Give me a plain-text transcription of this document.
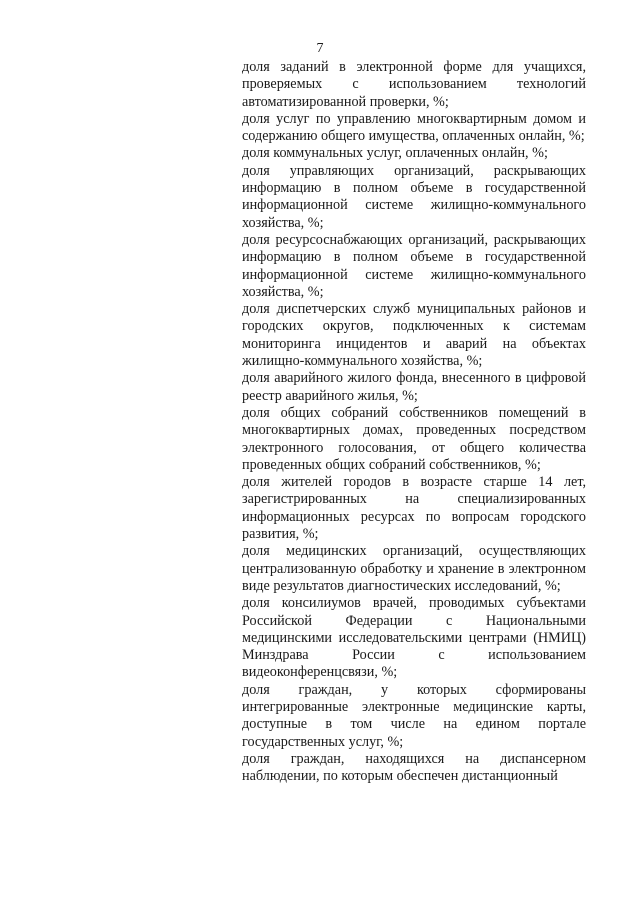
7

доля заданий в электронной форме для учащихся, проверяемых с использованием технологий автоматизированной проверки, %;

доля услуг по управлению многоквартирным домом и содержанию общего имущества, оплаченных онлайн, %;

доля коммунальных услуг, оплаченных онлайн, %;

доля управляющих организаций, раскрывающих информацию в полном объеме в государственной информационной системе жилищно-коммунального хозяйства, %;

доля ресурсоснабжающих организаций, раскрывающих информацию в полном объеме в государственной информационной системе жилищно-коммунального хозяйства, %;

доля диспетчерских служб муниципальных районов и городских округов, подключенных к системам мониторинга инцидентов и аварий на объектах жилищно-коммунального хозяйства, %;

доля аварийного жилого фонда, внесенного в цифровой реестр аварийного жилья, %;

доля общих собраний собственников помещений в многоквартирных домах, проведенных посредством электронного голосования, от общего количества проведенных общих собраний собственников, %;

доля жителей городов в возрасте старше 14 лет, зарегистрированных на специализированных информационных ресурсах по вопросам городского развития, %;

доля медицинских организаций, осуществляющих централизованную обработку и хранение в электронном виде результатов диагностических исследований, %;

доля консилиумов врачей, проводимых субъектами Российской Федерации с Национальными медицинскими исследовательскими центрами (НМИЦ) Минздрава России с использованием видеоконференцсвязи, %;

доля граждан, у которых сформированы интегрированные электронные медицинские карты, доступные в том числе на едином портале государственных услуг, %;

доля граждан, находящихся на диспансерном наблюдении, по которым обеспечен дистанционный
